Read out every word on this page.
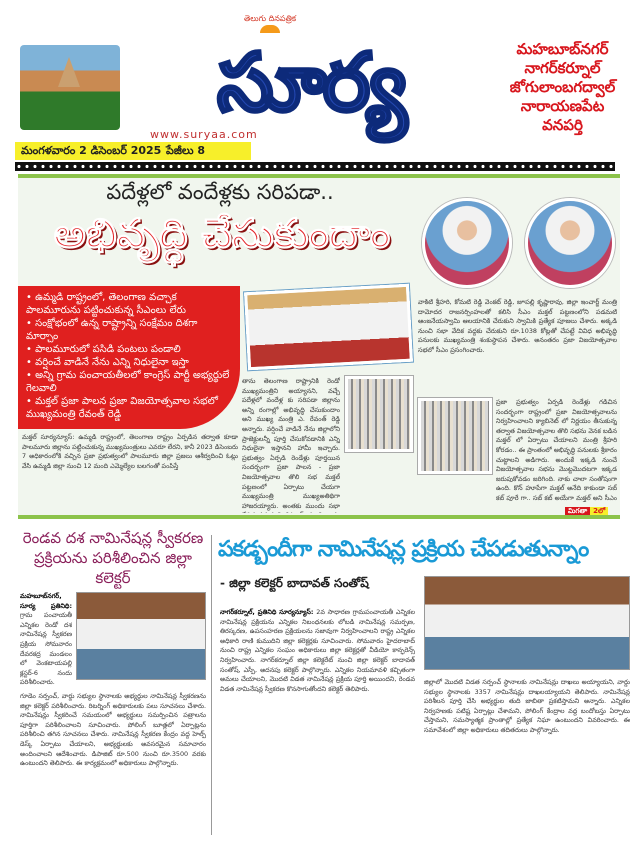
సూర్య
తెలుగు దినపత్రిక
www.suryaa.com
మహబూబ్‌నగర్
నాగర్‌కర్నూల్
జోగులాంబగద్వాల్
నారాయణపేట
వనపర్తి
మంగళవారం 2 డిసెంబర్ 2025 పేజీలు 8
పదేళ్లలో వందేళ్లకు సరిపడా..
అభివృద్ధి చేసుకుందాం
• ఉమ్మడి రాష్ట్రంలో, తెలంగాణ వచ్చాక పాలమూరును పట్టించుకున్న సీఎంలు లేరు
• సంక్షోభంలో ఉన్న రాష్ట్రాన్ని సంక్షేమం దిశగా మార్చాం
• పాలమూరులో పసిడి పంటలు పండాలి
• వర్షించే వాడినే నేను ఎన్ని నిధులైనా ఇస్తా
• అన్ని గ్రామ పంచాయతీలలో కాంగ్రెస్ పార్టీ అభ్యర్థులే గెలవాలి
• మక్తల్ ప్రజా పాలన ప్రజా విజయోత్సవాల సభలో ముఖ్యమంత్రి రేవంత్ రెడ్డి
మక్తల్ సూర్యన్యూస్: ఉమ్మడి రాష్ట్రంలో, తెలంగాణ రాష్ట్రం ఏర్పడిన తర్వాత కూడా పాలమూరు జిల్లాను పట్టించుకున్న ముఖ్యమంత్రులు ఎవరూ లేరని, కానీ 2023 డిసెంబరు 7 అధికారంలోకి వచ్చిన ప్రజా ప్రభుత్వంలో పాలమూరు జిల్లా ప్రజలు ఆశీర్వదించి ఓట్లు వేసి ఉమ్మడి జిల్లా నుంచి 12 మంది ఎమ్మెల్యేల బలగంతో పంపిస్తే
తాను తెలంగాణ రాష్ట్రానికి రెండో ముఖ్యమంత్రిని అయ్యానని, వచ్చే పదేళ్లలో వందేళ్ల కు సరిపడా జిల్లాను అన్ని రంగాల్లో అభివృద్ధి చేసుకుందాం అని ముఖ్య మంత్రి ఎ. రేవంత్ రెడ్డి అన్నారు. వర్షించే వాడినే నేను జిల్లాలోని ప్రాజెక్టులన్నీ పూర్తి చేసుకోవడానికి ఎన్ని నిధులైనా ఇస్తానని హామీ ఇచ్చారు. ప్రభుత్వం ఏర్పడి రెండేళ్లు పూర్తయిన సందర్భంగా ప్రజా పాలన - ప్రజా విజయోత్సవాల తొలి సభ మక్తల్ పట్టణంలో ఏర్పాటు చేయగా ముఖ్యమంత్రి ముఖ్యఅతిథిగా హాజరయ్యారు. అంతకు ముందు సభా
వాకిటి శ్రీహరి, కోమటి రెడ్డి వెంకట్ రెడ్డి, జూపల్లి కృష్ణారావు, జిల్లా ఇంచార్జ్ మంత్రి దామోదర రాజనర్సింహలతో కలిసి సీఎం మక్తల్ పట్టణంలోని పడమటి ఆంజనేయస్వామి ఆలయానికి చేరుకుని స్వామికి ప్రత్యేక పూజలు చేశారు. అక్కడి నుంచి సభా వేదిక వద్దకు చేరుకుని రూ.1038 కోట్లతో చేపట్టే వివిధ అభివృద్ధి పనులకు ముఖ్యమంత్రి శంకుస్థాపన చేశారు. అనంతరం ప్రజా విజయోత్సవాల సభలో సీఎం ప్రసంగించారు.
ప్రజా ప్రభుత్వం ఏర్పడి రెండేళ్లు గడిచిన సందర్భంగా రాష్ట్రంలో ప్రజా విజయోత్సవాలను నిర్వహించాలని క్యాబినెట్ లో నిర్ణయం తీసుకున్న తర్వాత విజయోత్సవాల తొలి సభను వెనక బడిన మక్తల్ లో ఏర్పాటు చేయాలని మంత్రి శ్రీహరి కోరడం.. ఈ ప్రాంతంలో అభివృద్ధి పనులకు శ్రీకారం చుట్టాలని అడిగారు. అందుకే ఇక్కడి నుంచే విజయోత్సవాల సభను మొట్టమొదటగా ఇక్కడ జరుపుకోవడం జరిగింది. నాకు చాలా సంతోషంగా ఉంది. కొన్ హూపేగా మక్తల్ అనేది కాకుండా సబ్ కబ్ పూరే గా.. సబ్ కబ్ అయేగా మక్తల్ అని సీఎం
మిగతా 2లో
రెండవ దశ నామినేషన్ల స్వీకరణ ప్రక్రియను పరిశీలించిన జిల్లా కలెక్టర్
మహబూబ్‌నగర్, సూర్య ప్రతినిధి: గ్రామ పంచాయతీ ఎన్నికల రెండో దశ నామినేషన్ల స్వీకరణ ప్రక్రియ సోమవారం దేవరకద్ర మండలం లో వెంకటాయపల్లి క్లస్టర్-6 నందు పరిశీలించారు.
గూడెం సర్పంచ్, వార్డు సభ్యుల స్థానాలకు అభ్యర్థుల నామినేషన్ల స్వీకరణను జిల్లా కలెక్టర్ పరిశీలించారు. రిటర్నింగ్ అధికారులకు పలు సూచనలు చేశారు. నామినేషన్లు స్వీకరించే సమయంలో అభ్యర్థులు సమర్పించిన పత్రాలను పూర్తిగా పరిశీలించాలని సూచించారు. పోలింగ్ బూత్లలో ఏర్పాట్లను పరిశీలించి తగిన సూచనలు చేశారు. నామినేషన్ల స్వీకరణ కేంద్రం వద్ద హెల్ప్ డెస్క్ ఏర్పాటు చేయాలని, అభ్యర్థులకు అవసరమైన సమాచారం అందించాలని ఆదేశించారు. డిపాజిట్ రూ.500 నుంచి రూ.3500 వరకు ఉంటుందని తెలిపారు. ఈ కార్యక్రమంలో అధికారులు పాల్గొన్నారు.
పకడ్బందీగా నామినేషన్ల ప్రక్రియ చేపడుతున్నాం
- జిల్లా కలెక్టర్ బాదావత్ సంతోష్
నాగర్‌కర్నూల్, ప్రతినిధి సూర్యన్యూస్: 2వ సాధారణ గ్రామపంచాయతీ ఎన్నికల నామినేషన్ల ప్రక్రియను ఎన్నికల నిబంధనలకు లోబడి నామినేషన్ల సమర్పణ, తిరస్కరణ, ఉపసంహరణ ప్రక్రియలను సజావుగా నిర్వహించాలని రాష్ట్ర ఎన్నికల అధికారి రాణి కుముదిని జిల్లా కలెక్టర్లకు సూచించారు. సోమవారం హైదరాబాద్ నుంచి రాష్ట్ర ఎన్నికల సంఘం అధికారులు జిల్లా కలెక్టర్లతో వీడియో కాన్ఫరెన్స్ నిర్వహించారు. నాగర్‌కర్నూల్ జిల్లా కలెక్టరేట్ నుంచి జిల్లా కలెక్టర్ బాదావత్ సంతోష్, ఎస్పీ, అదనపు కలెక్టర్ పాల్గొన్నారు. ఎన్నికల నియమావళి కచ్చితంగా అమలు చేయాలని, మొదటి విడత నామినేషన్ల ప్రక్రియ పూర్తి అయిందని, రెండవ విడత నామినేషన్ల స్వీకరణ కొనసాగుతోందని కలెక్టర్ తెలిపారు.
జిల్లాలో మొదటి విడత సర్పంచ్ స్థానాలకు నామినేషన్లు దాఖలు అయ్యాయని, వార్డు సభ్యుల స్థానాలకు 3357 నామినేషన్లు దాఖలయ్యాయని తెలిపారు. నామినేషన్ల పరిశీలన పూర్తి చేసి అభ్యర్థుల తుది జాబితా ప్రకటిస్తామని అన్నారు. ఎన్నికల నిర్వహణకు పటిష్ట ఏర్పాట్లు చేశామని, పోలింగ్ కేంద్రాల వద్ద బందోబస్తు ఏర్పాటు చేస్తామని, సమస్యాత్మక ప్రాంతాల్లో ప్రత్యేక నిఘా ఉంటుందని వివరించారు. ఈ సమావేశంలో జిల్లా అధికారులు తదితరులు పాల్గొన్నారు.
